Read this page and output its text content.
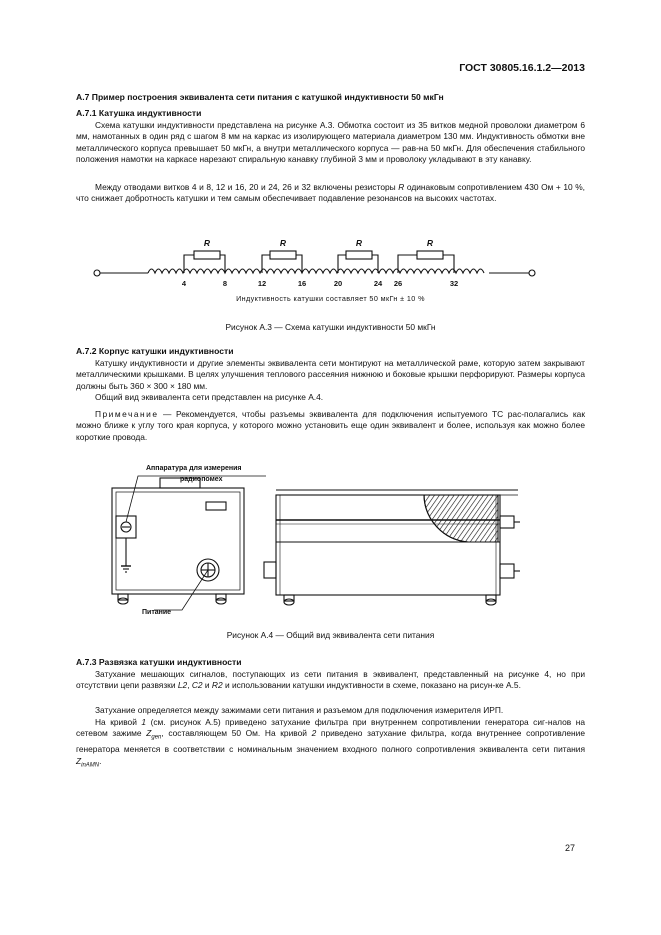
ГОСТ 30805.16.1.2—2013
А.7 Пример построения эквивалента сети питания с катушкой индуктивности 50 мкГн
А.7.1 Катушка индуктивности
Схема катушки индуктивности представлена на рисунке А.3. Обмотка состоит из 35 витков медной проволоки диаметром 6 мм, намотанных в один ряд с шагом 8 мм на каркас из изолирующего материала диаметром 130 мм. Индуктивность обмотки вне металлического корпуса превышает 50 мкГн, а внутри металлического корпуса — рав-на 50 мкГн. Для обеспечения стабильного положения намотки на каркасе нарезают спиральную канавку глубиной 3 мм и проволоку укладывают в эту канавку.
Между отводами витков 4 и 8, 12 и 16, 20 и 24, 26 и 32 включены резисторы R одинаковым сопротивлением 430 Ом + 10 %, что снижает добротность катушки и тем самым обеспечивает подавление резонансов на высоких частотах.
R	R	R	R
4	8	12	16	20	24 26	32
Индуктивность катушки составляет 50 мкГн ± 10 %
Рисунок А.3 — Схема катушки индуктивности 50 мкГн
А.7.2 Корпус катушки индуктивности
Катушку индуктивности и другие элементы эквивалента сети монтируют на металлической раме, которую затем закрывают металлическими крышками. В целях улучшения теплового рассеяния нижнюю и боковые крышки перфорируют. Размеры корпуса должны быть 360 × 300 × 180 мм.
Общий вид эквивалента сети представлен на рисунке А.4.
Примечание — Рекомендуется, чтобы разъемы эквивалента для подключения испытуемого ТС рас-полагались как можно ближе к углу того края корпуса, у которого можно установить еще один эквивалент и более, используя как можно более короткие провода.
Аппаратура для измерения
радиопомех
Питание
Рисунок А.4 — Общий вид эквивалента сети питания
А.7.3 Развязка катушки индуктивности
Затухание мешающих сигналов, поступающих из сети питания в эквивалент, представленный на рисунке 4, но при отсутствии цепи развязки L2, С2 и R2 и использовании катушки индуктивности в схеме, показано на рисун-ке А.5.
Затухание определяется между зажимами сети питания и разъемом для подключения измерителя ИРП.
На кривой 1 (см. рисунок А.5) приведено затухание фильтра при внутреннем сопротивлении генератора сиг-налов на сетевом зажиме $Z_{gen}$, составляющем 50 Ом. На кривой 2 приведено затухание фильтра, когда внутреннее сопротивление генератора меняется в соответствии с номинальным значением входного полного сопротивления эквивалента сети питания $Z_{inAMN}$.
27
